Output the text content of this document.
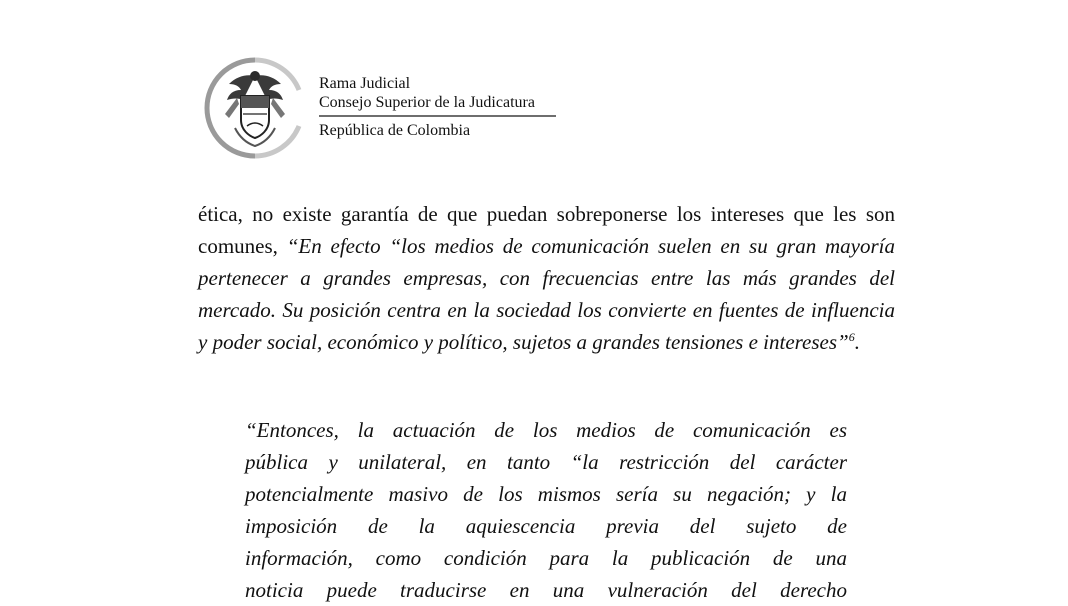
Rama Judicial
Consejo Superior de la Judicatura
República de Colombia

ética, no existe garantía de que puedan sobreponerse los intereses que les son comunes, “En efecto “los medios de comunicación suelen en su gran mayoría pertenecer a grandes empresas, con frecuencias entre las más grandes del mercado. Su posición centra en la sociedad los convierte en fuentes de influencia y poder social, económico y político, sujetos a grandes tensiones e intereses”$^6$.

“Entonces, la actuación de los medios de comunicación es
pública y unilateral, en tanto “la restricción del carácter
potencialmente masivo de los mismos sería su negación; y la
imposición de la aquiescencia previa del sujeto de
información, como condición para la publicación de una
noticia puede traducirse en una vulneración del derecho
